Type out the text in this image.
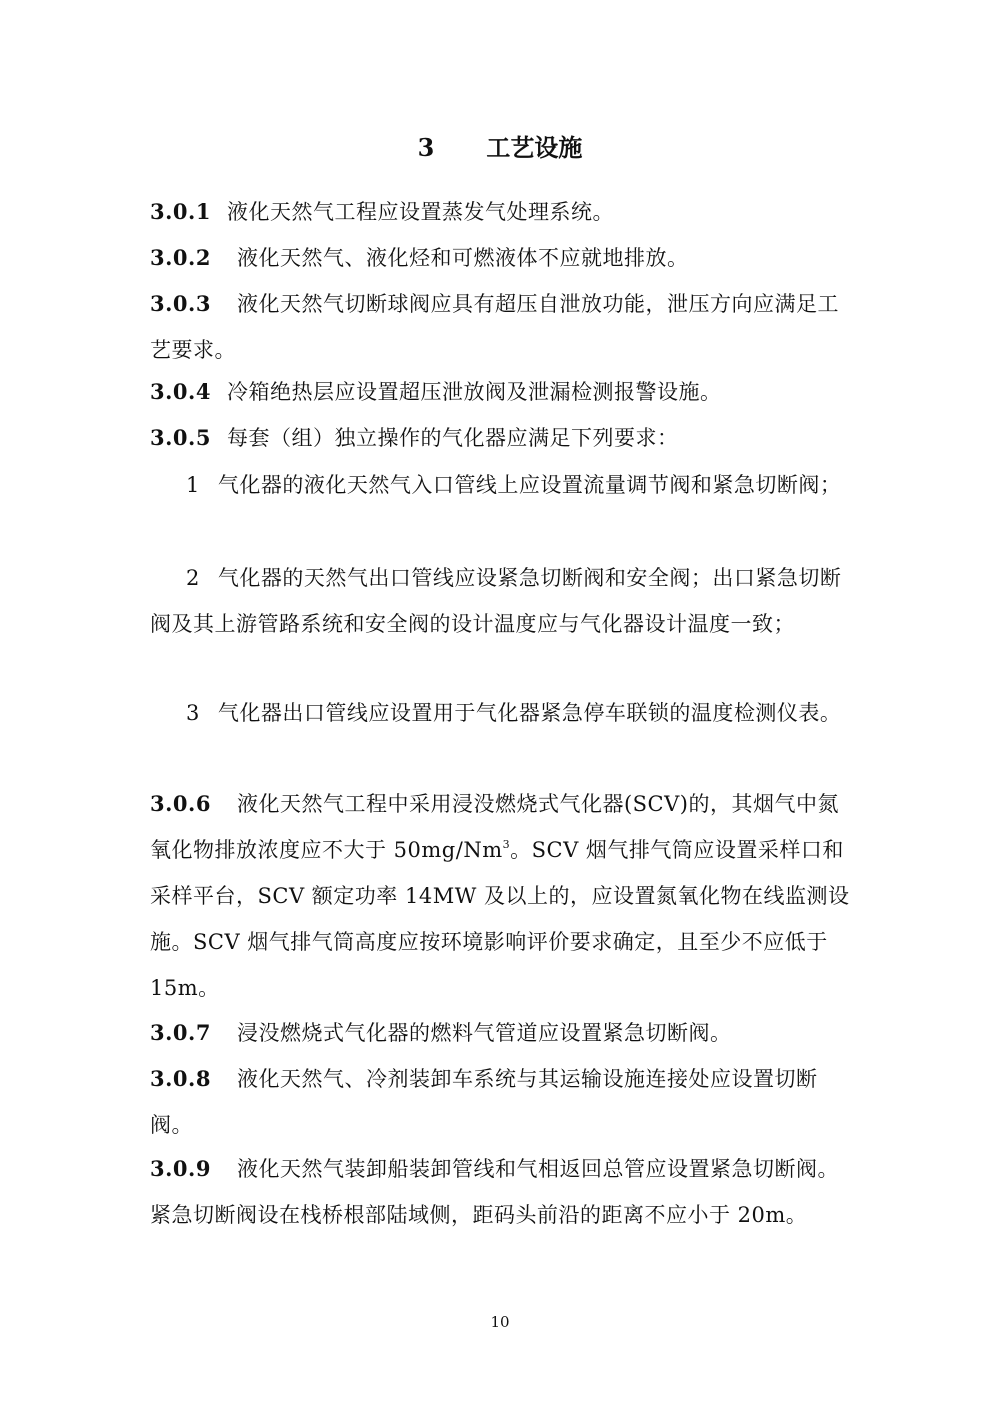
3 工艺设施
3.0.1 液化天然气工程应设置蒸发气处理系统。
3.0.2 液化天然气、液化烃和可燃液体不应就地排放。
3.0.3 液化天然气切断球阀应具有超压自泄放功能，泄压方向应满足工艺要求。
3.0.4 冷箱绝热层应设置超压泄放阀及泄漏检测报警设施。
3.0.5 每套（组）独立操作的气化器应满足下列要求：
1 气化器的液化天然气入口管线上应设置流量调节阀和紧急切断阀；
2 气化器的天然气出口管线应设紧急切断阀和安全阀；出口紧急切断阀及其上游管路系统和安全阀的设计温度应与气化器设计温度一致；
3 气化器出口管线应设置用于气化器紧急停车联锁的温度检测仪表。
3.0.6 液化天然气工程中采用浸没燃烧式气化器(SCV)的，其烟气中氮氧化物排放浓度应不大于 50mg/Nm$^3$。SCV 烟气排气筒应设置采样口和采样平台，SCV 额定功率 14MW 及以上的，应设置氮氧化物在线监测设施。SCV 烟气排气筒高度应按环境影响评价要求确定，且至少不应低于 15m。
3.0.7 浸没燃烧式气化器的燃料气管道应设置紧急切断阀。
3.0.8 液化天然气、冷剂装卸车系统与其运输设施连接处应设置切断阀。
3.0.9 液化天然气装卸船装卸管线和气相返回总管应设置紧急切断阀。紧急切断阀设在栈桥根部陆域侧，距码头前沿的距离不应小于 20m。
10
